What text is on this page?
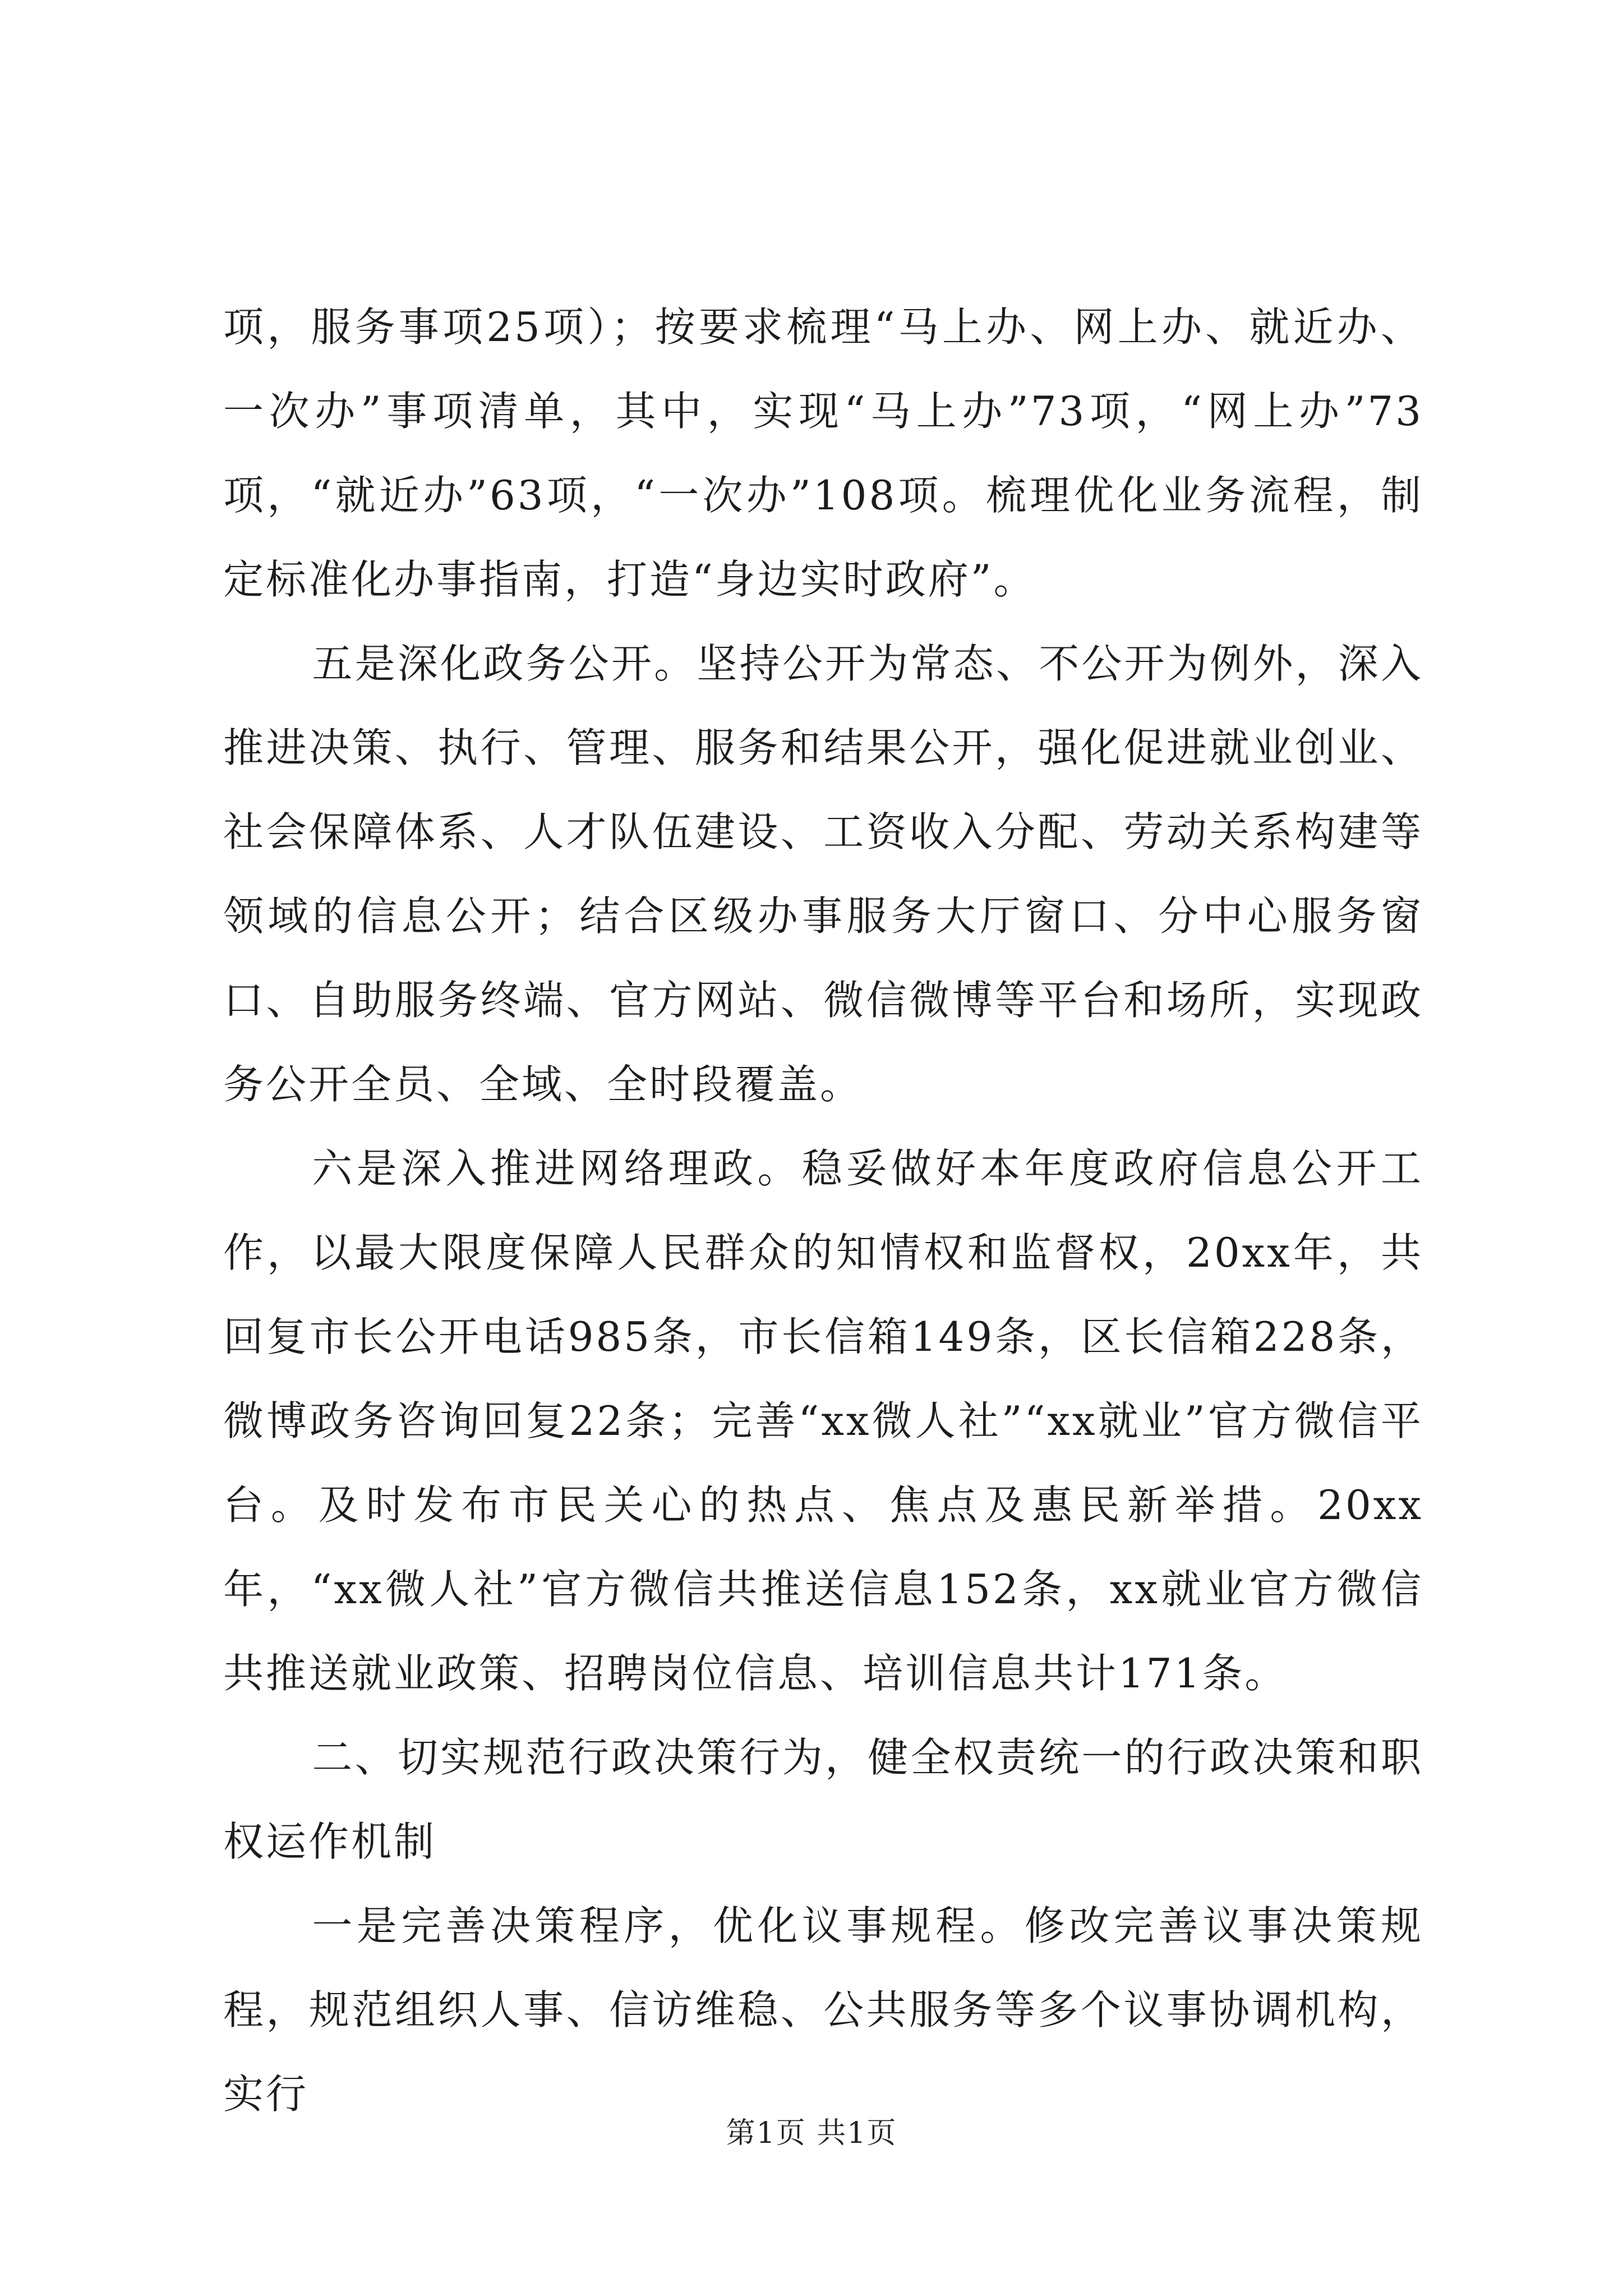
项，服务事项25项）；按要求梳理“马上办、网上办、就近办、一次办”事项清单，其中，实现“马上办”73项，“网上办”73项，“就近办”63项，“一次办”108项。梳理优化业务流程，制定标准化办事指南，打造“身边实时政府”。

五是深化政务公开。坚持公开为常态、不公开为例外，深入推进决策、执行、管理、服务和结果公开，强化促进就业创业、社会保障体系、人才队伍建设、工资收入分配、劳动关系构建等领域的信息公开；结合区级办事服务大厅窗口、分中心服务窗口、自助服务终端、官方网站、微信微博等平台和场所，实现政务公开全员、全域、全时段覆盖。

六是深入推进网络理政。稳妥做好本年度政府信息公开工作，以最大限度保障人民群众的知情权和监督权，20xx年，共回复市长公开电话985条，市长信箱149条，区长信箱228条，微博政务咨询回复22条；完善“xx微人社”“xx就业”官方微信平台。及时发布市民关心的热点、焦点及惠民新举措。20xx年，“xx微人社”官方微信共推送信息152条，xx就业官方微信共推送就业政策、招聘岗位信息、培训信息共计171条。

二、切实规范行政决策行为，健全权责统一的行政决策和职权运作机制

一是完善决策程序，优化议事规程。修改完善议事决策规程，规范组织人事、信访维稳、公共服务等多个议事协调机构，实行

第1页 共1页
